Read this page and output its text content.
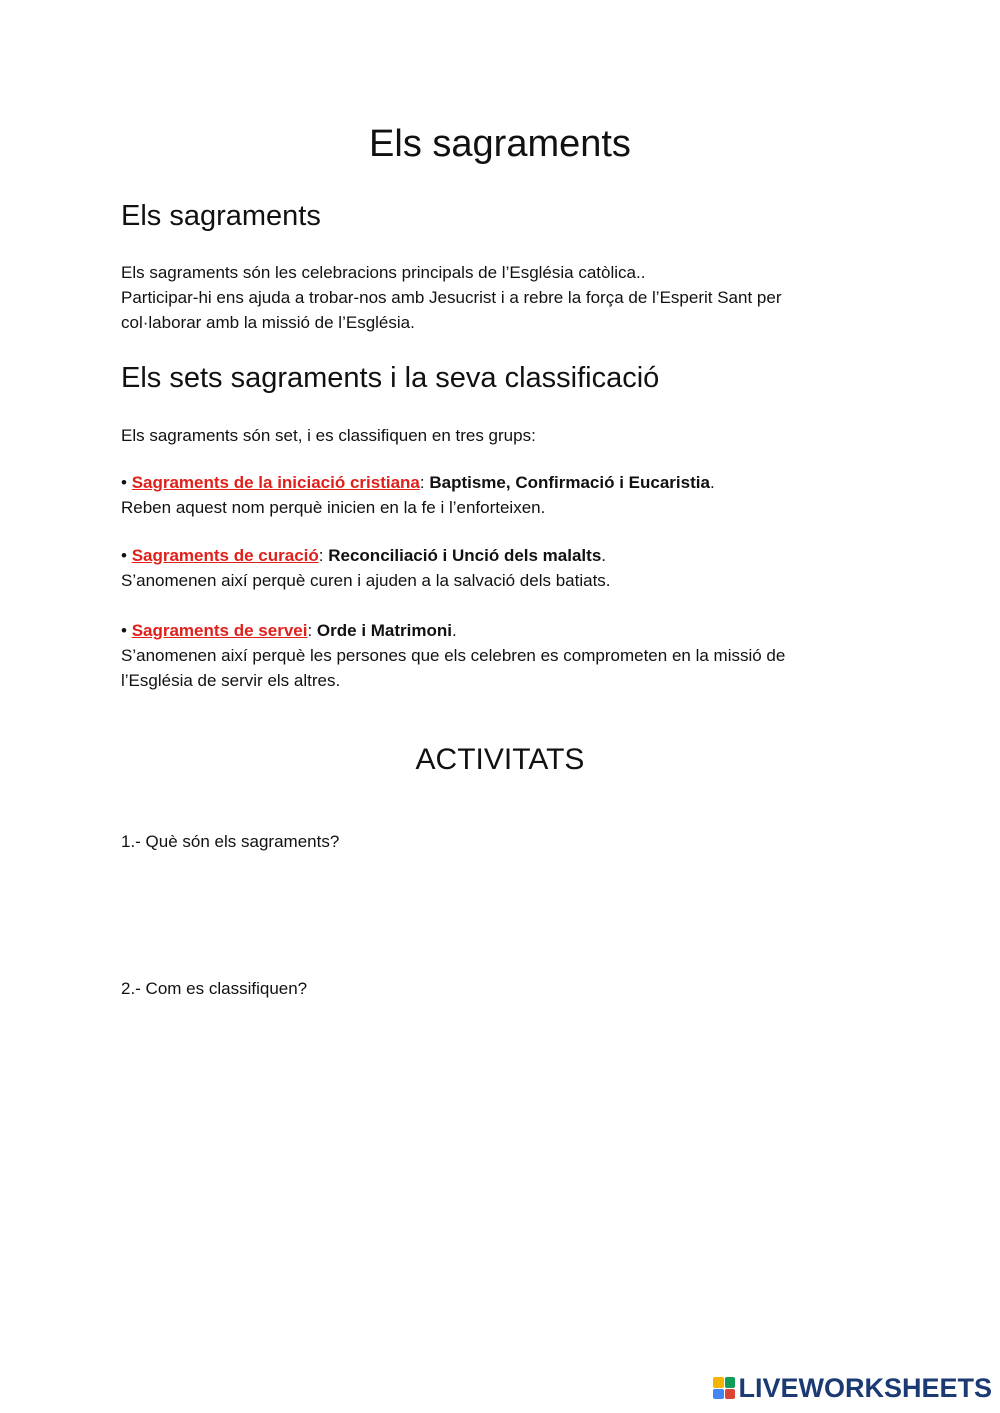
Els sagraments
Els sagraments

Els sagraments són les celebracions principals de l’Església catòlica..
Participar-hi ens ajuda a trobar-nos amb Jesucrist i a rebre la força de l’Esperit Sant per
col·laborar amb la missió de l’Església.

Els sets sagraments i la seva classificació

Els sagraments són set, i es classifiquen en tres grups:

• Sagraments de la iniciació cristiana: Baptisme, Confirmació i Eucaristia.
Reben aquest nom perquè inicien en la fe i l’enforteixen.

• Sagraments de curació: Reconciliació i Unció dels malalts.
S’anomenen així perquè curen i ajuden a la salvació dels batiats.

• Sagraments de servei: Orde i Matrimoni.
S’anomenen així perquè les persones que els celebren es comprometen en la missió de
l’Església de servir els altres.

ACTIVITATS

1.- Què són els sagraments?

2.- Com es classifiquen?

LIVEWORKSHEETS
